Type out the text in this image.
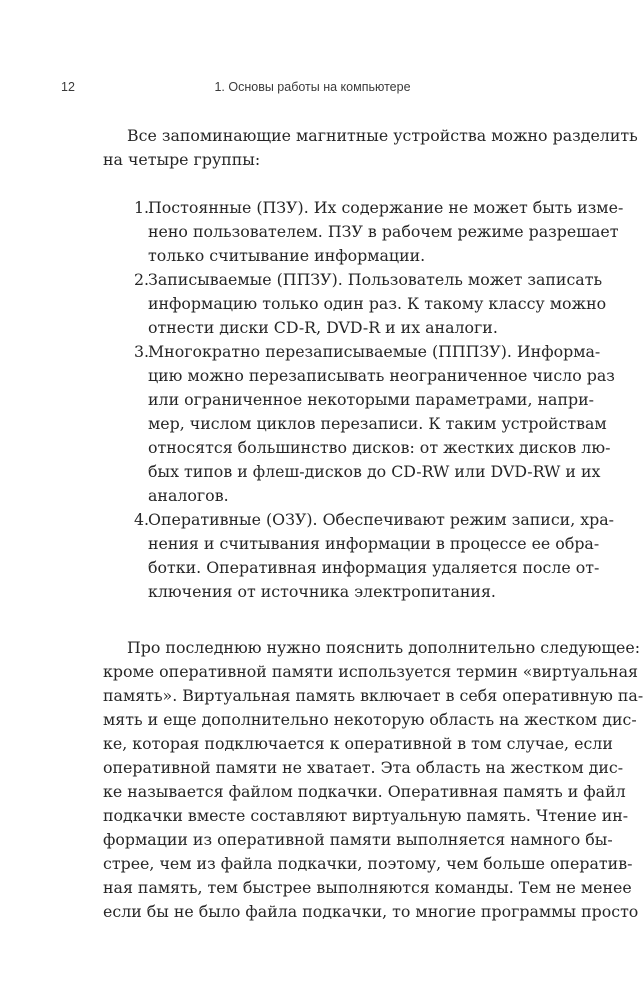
12	1. Основы работы на компьютере
Все запоминающие магнитные устройства можно разделить
на четыре группы:
1.
Постоянные (ПЗУ). Их содержание не может быть изме-
нено пользователем. ПЗУ в рабочем режиме разрешает
только считывание информации.
2.
Записываемые (ППЗУ). Пользователь может записать
информацию только один раз. К такому классу можно
отнести диски CD-R, DVD-R и их аналоги.
3.
Многократно перезаписываемые (ПППЗУ). Информа-
цию можно перезаписывать неограниченное число раз
или ограниченное некоторыми параметрами, напри-
мер, числом циклов перезаписи. К таким устройствам
относятся большинство дисков: от жестких дисков лю-
бых типов и флеш-дисков до CD-RW или DVD-RW и их
аналогов.
4.
Оперативные (ОЗУ). Обеспечивают режим записи, хра-
нения и считывания информации в процессе ее обра-
ботки. Оперативная информация удаляется после от-
ключения от источника электропитания.
Про последнюю нужно пояснить дополнительно следующее:
кроме оперативной памяти используется термин «виртуальная
память». Виртуальная память включает в себя оперативную па-
мять и еще дополнительно некоторую область на жестком дис-
ке, которая подключается к оперативной в том случае, если
оперативной памяти не хватает. Эта область на жестком дис-
ке называется файлом подкачки. Оперативная память и файл
подкачки вместе составляют виртуальную память. Чтение ин-
формации из оперативной памяти выполняется намного бы-
стрее, чем из файла подкачки, поэтому, чем больше оператив-
ная память, тем быстрее выполняются команды. Тем не менее
если бы не было файла подкачки, то многие программы просто
